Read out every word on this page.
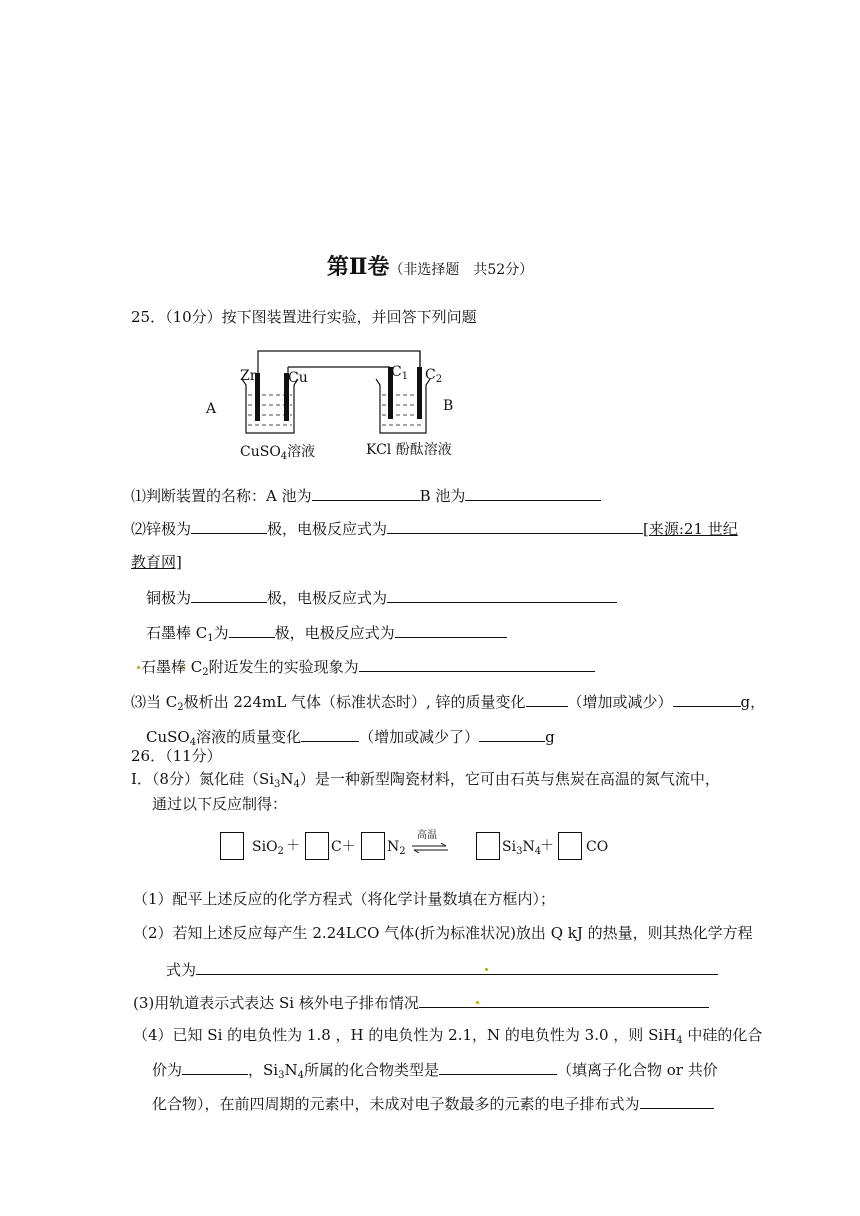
第Ⅱ卷（非选择题　共52分）
25．（10分）按下图装置进行实验，并回答下列问题
Zn Cu	$C_1$ $C_2$
A	B
CuSO$_4$溶液	KCl 酚酞溶液
⑴判断装置的名称：A 池为	B 池为
⑵锌极为	极，电极反应式为	[来源:21 世纪
教育网]
铜极为	极，电极反应式为
石墨棒 $C_1$为	极，电极反应式为
石墨棒 $C_2$附近发生的实验现象为
⑶当 $C_2$极析出 224mL 气体（标准状态时）, 锌的质量变化	（增加或减少）	g，
CuSO$_4$溶液的质量变化	（增加或减少了）	g
26．（11分）
Ⅰ．（8分）氮化硅$(Si_3N_4)$是一种新型陶瓷材料，它可由石英与焦炭在高温的氮气流中，
通过以下反应制得：
$SiO_2 + C+ N_2$
高温
$Si_3N_4$
＋ CO
（1）配平上述反应的化学方程式（将化学计量数填在方框内）；
（2）若知上述反应每产生 2.24LCO 气体(折为标准状况)放出 Q kJ 的热量，则其热化学方程
式为
(3)用轨道表示式表达 Si 核外电子排布情况
（4）已知 Si 的电负性为 1.8 ，H 的电负性为 2.1，N 的电负性为 3.0 ，则 SiH$_4$ 中硅的化合
价为	，$Si_3N_4$所属的化合物类型是	（填离子化合物 or 共价
化合物），在前四周期的元素中，未成对电子数最多的元素的电子排布式为
